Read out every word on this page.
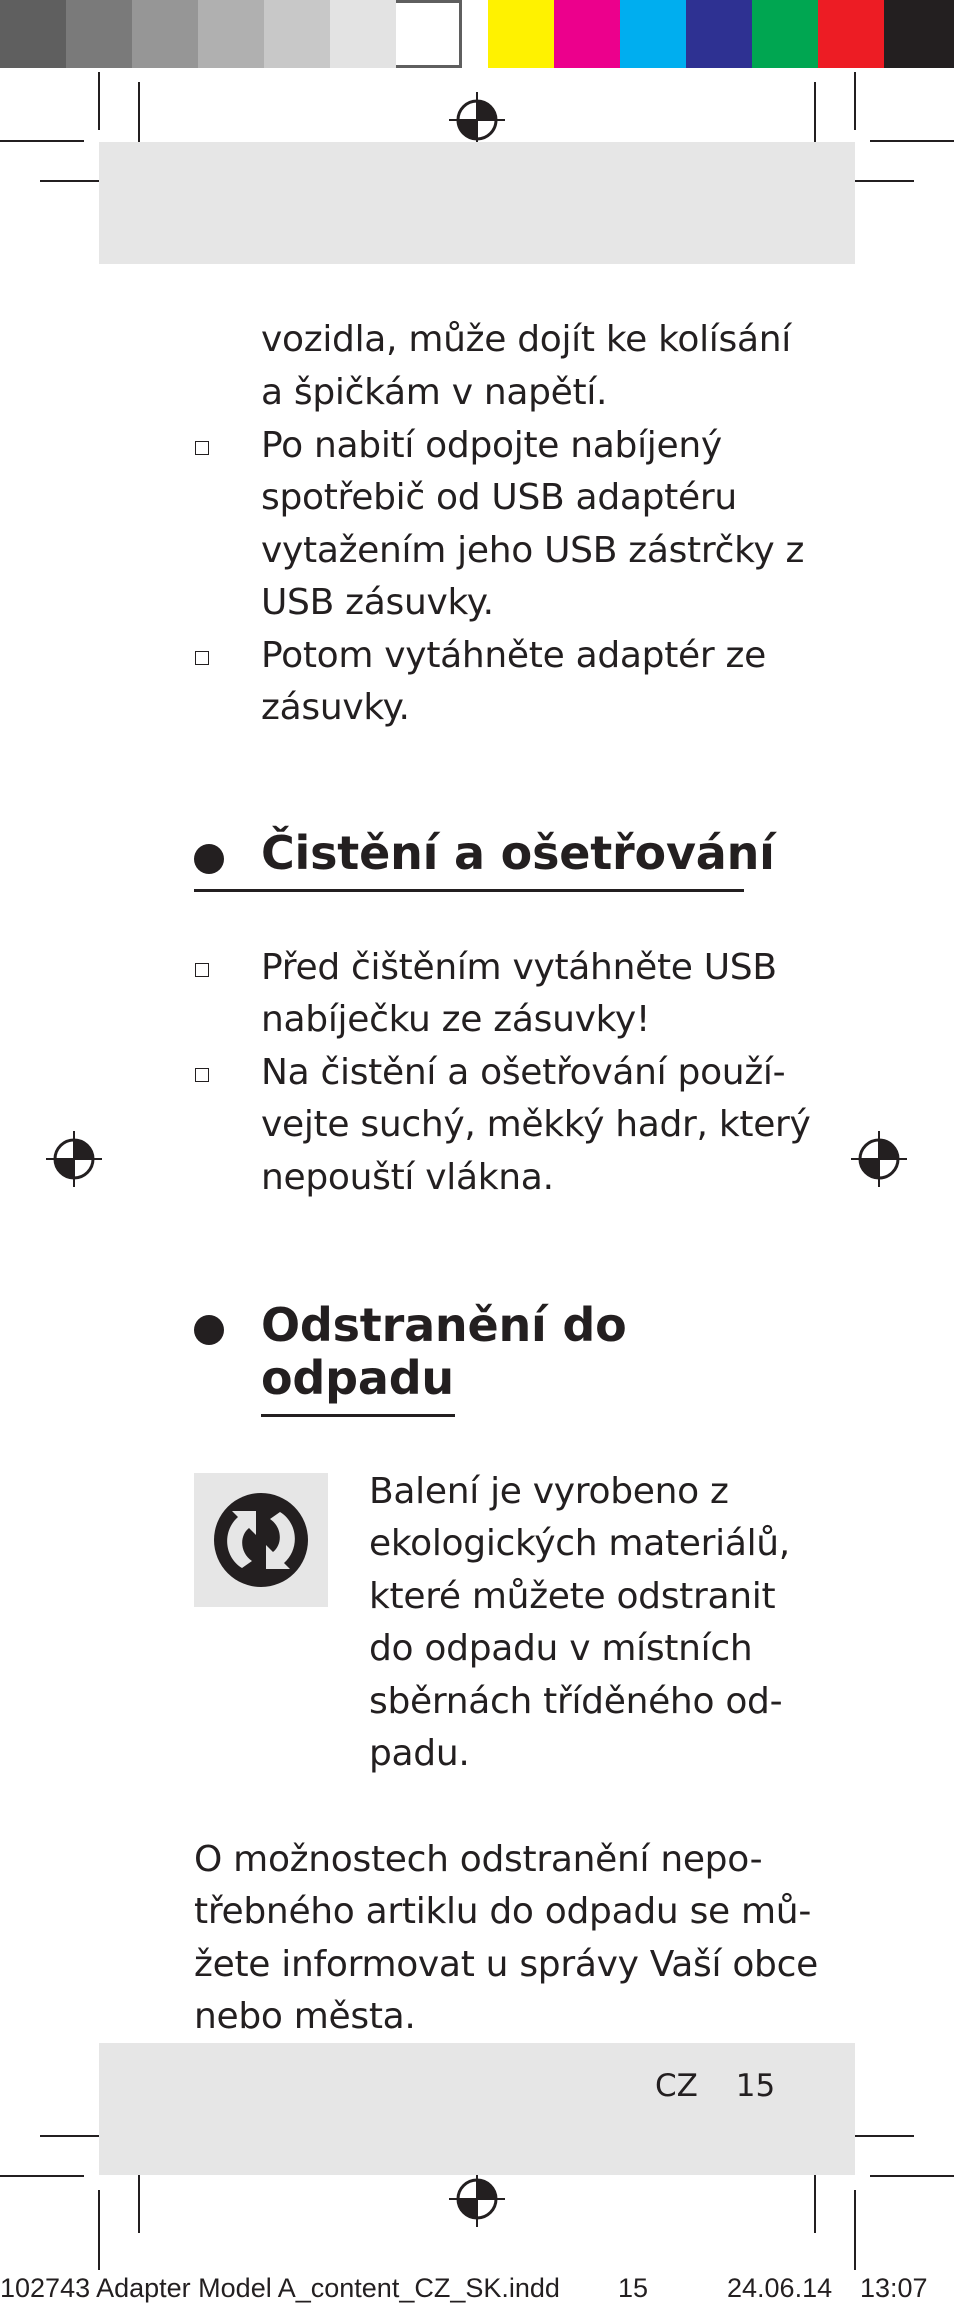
vozidla, může dojít ke kolísání
a špičkám v napětí.
Po nabití odpojte nabíjený
spotřebič od USB adaptéru
vytažením jeho USB zástrčky z
USB zásuvky.
Potom vytáhněte adaptér ze
zásuvky.
Čistění a ošetřování
Před čištěním vytáhněte USB
nabíječku ze zásuvky!
Na čistění a ošetřování použí-
vejte suchý, měkký hadr, který
nepouští vlákna.
Odstranění do
odpadu
Balení je vyrobeno z
ekologických materiálů,
které můžete odstranit
do odpadu v místních
sběrnách tříděného od-
padu.
O možnostech odstranění nepo-
třebného artiklu do odpadu se mů-
žete informovat u správy Vaší obce
nebo města.
CZ 15
102743 Adapter Model A_content_CZ_SK.indd 15	24.06.14 13:07
